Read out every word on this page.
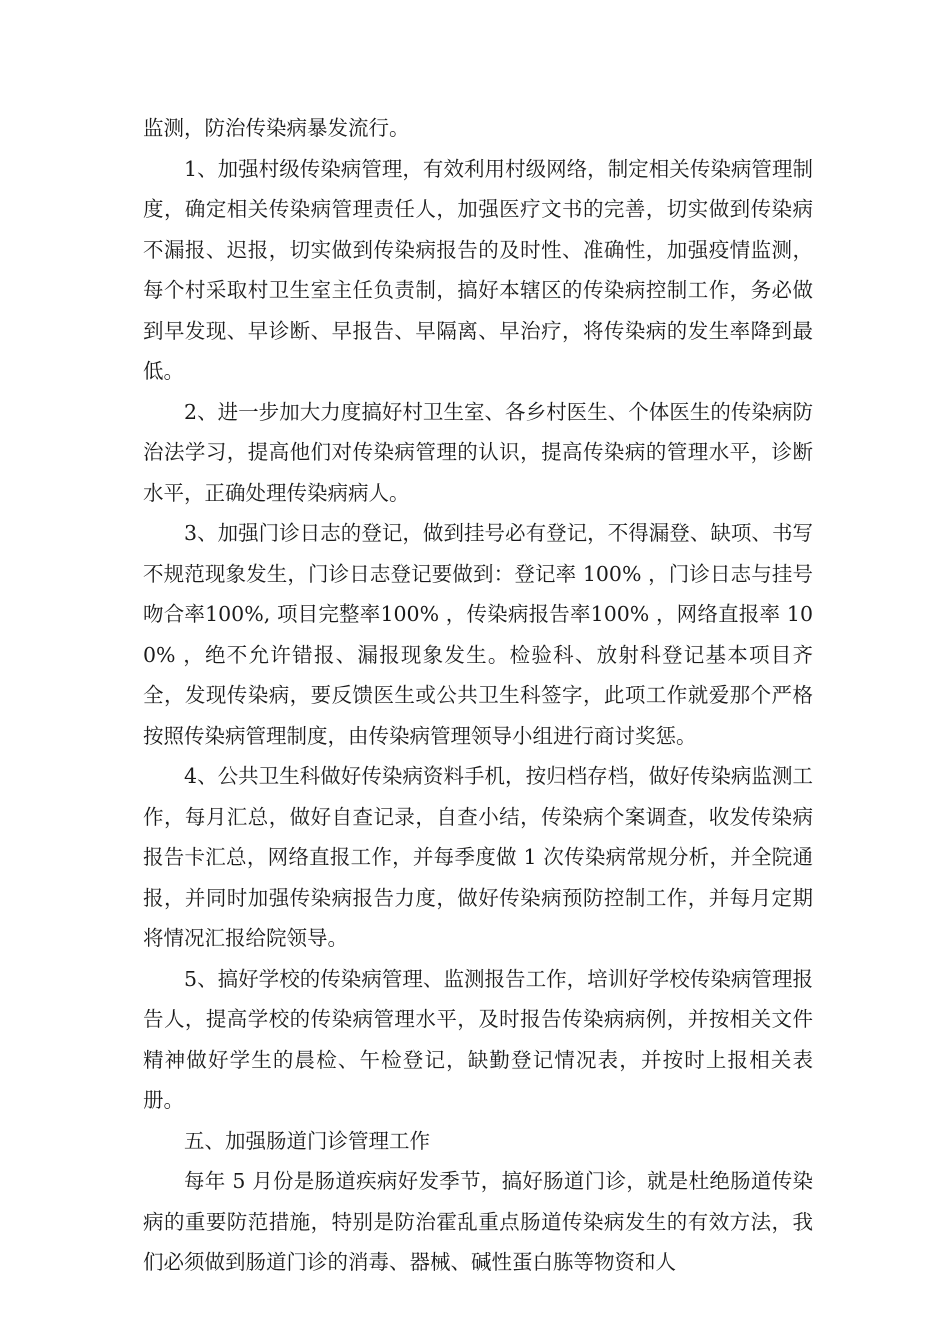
监测，防治传染病暴发流行。

1、加强村级传染病管理，有效利用村级网络，制定相关传染病管理制度，确定相关传染病管理责任人，加强医疗文书的完善，切实做到传染病不漏报、迟报，切实做到传染病报告的及时性、准确性，加强疫情监测，每个村采取村卫生室主任负责制，搞好本辖区的传染病控制工作，务必做到早发现、早诊断、早报告、早隔离、早治疗，将传染病的发生率降到最低。

2、进一步加大力度搞好村卫生室、各乡村医生、个体医生的传染病防治法学习，提高他们对传染病管理的认识，提高传染病的管理水平，诊断水平，正确处理传染病病人。

3、加强门诊日志的登记，做到挂号必有登记，不得漏登、缺项、书写不规范现象发生，门诊日志登记要做到：登记率 100% ，门诊日志与挂号吻合率100%, 项目完整率100% ，传染病报告率100% ，网络直报率 100% ，绝不允许错报、漏报现象发生。检验科、放射科登记基本项目齐全，发现传染病，要反馈医生或公共卫生科签字，此项工作就爱那个严格按照传染病管理制度，由传染病管理领导小组进行商讨奖惩。

4、公共卫生科做好传染病资料手机，按归档存档，做好传染病监测工作，每月汇总，做好自查记录，自查小结，传染病个案调查，收发传染病报告卡汇总，网络直报工作，并每季度做 1 次传染病常规分析，并全院通报，并同时加强传染病报告力度，做好传染病预防控制工作，并每月定期将情况汇报给院领导。

5、搞好学校的传染病管理、监测报告工作，培训好学校传染病管理报告人，提高学校的传染病管理水平，及时报告传染病病例，并按相关文件精神做好学生的晨检、午检登记，缺勤登记情况表，并按时上报相关表册。

五、加强肠道门诊管理工作

每年 5 月份是肠道疾病好发季节，搞好肠道门诊，就是杜绝肠道传染病的重要防范措施，特别是防治霍乱重点肠道传染病发生的有效方法，我们必须做到肠道门诊的消毒、器械、碱性蛋白胨等物资和人
